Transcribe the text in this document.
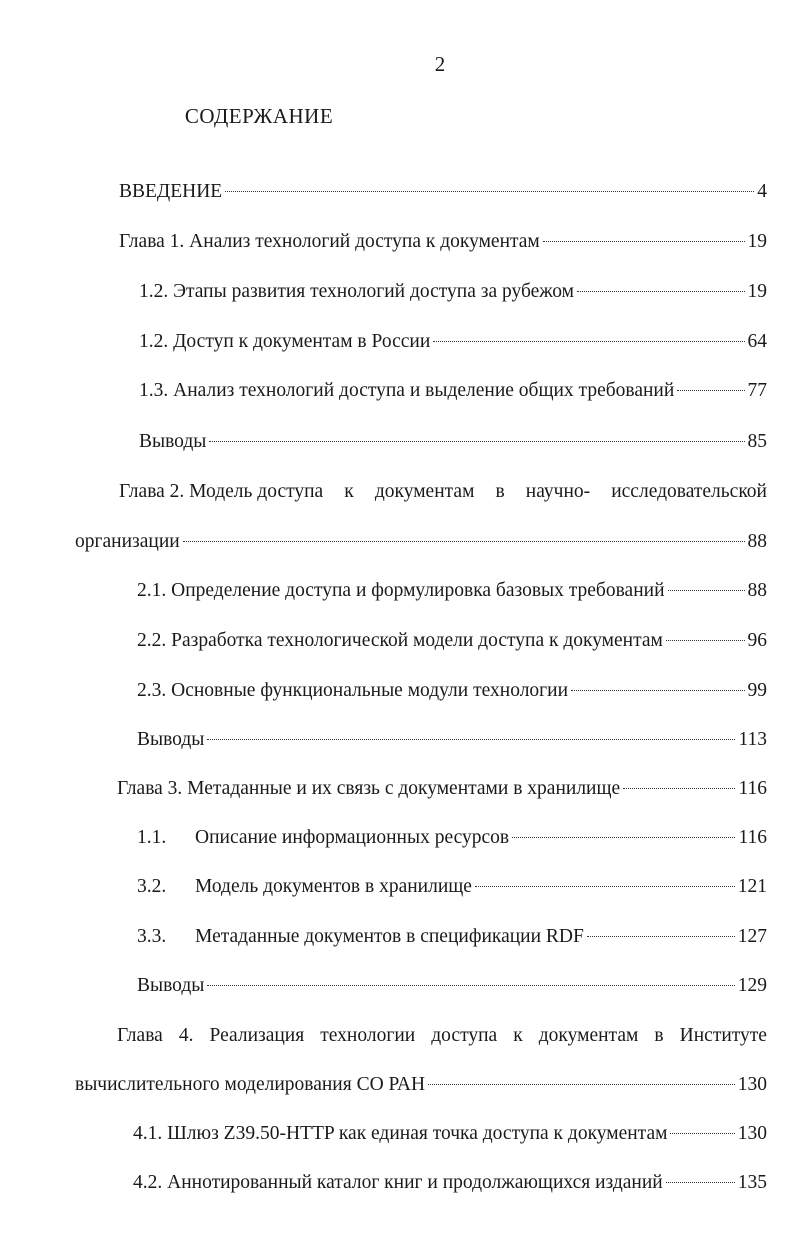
2
СОДЕРЖАНИЕ
ВВЕДЕНИЕ	4
Глава 1. Анализ технологий доступа к документам	19
1.2. Этапы развития технологий доступа за рубежом	19
1.2. Доступ к документам в России	64
1.3. Анализ технологий доступа и выделение общих требований	77
Выводы	85
Глава 2. Модель доступа к документам в научно- исследовательской
организации	88
2.1. Определение доступа и формулировка базовых требований	88
2.2. Разработка технологической модели доступа к документам	96
2.3. Основные функциональные модули технологии	99
Выводы	113
Глава 3. Метаданные и их связь с документами в хранилище	116
1.1.	Описание информационных ресурсов	116
3.2.	Модель документов в хранилище	121
3.3.	Метаданные документов в спецификации RDF	127
Выводы	129
Глава 4. Реализация технологии доступа к документам в Институте
вычислительного моделирования СО РАН	130
4.1. Шлюз Z39.50-HTTP как единая точка доступа к документам	130
4.2. Аннотированный каталог книг и продолжающихся изданий	135
